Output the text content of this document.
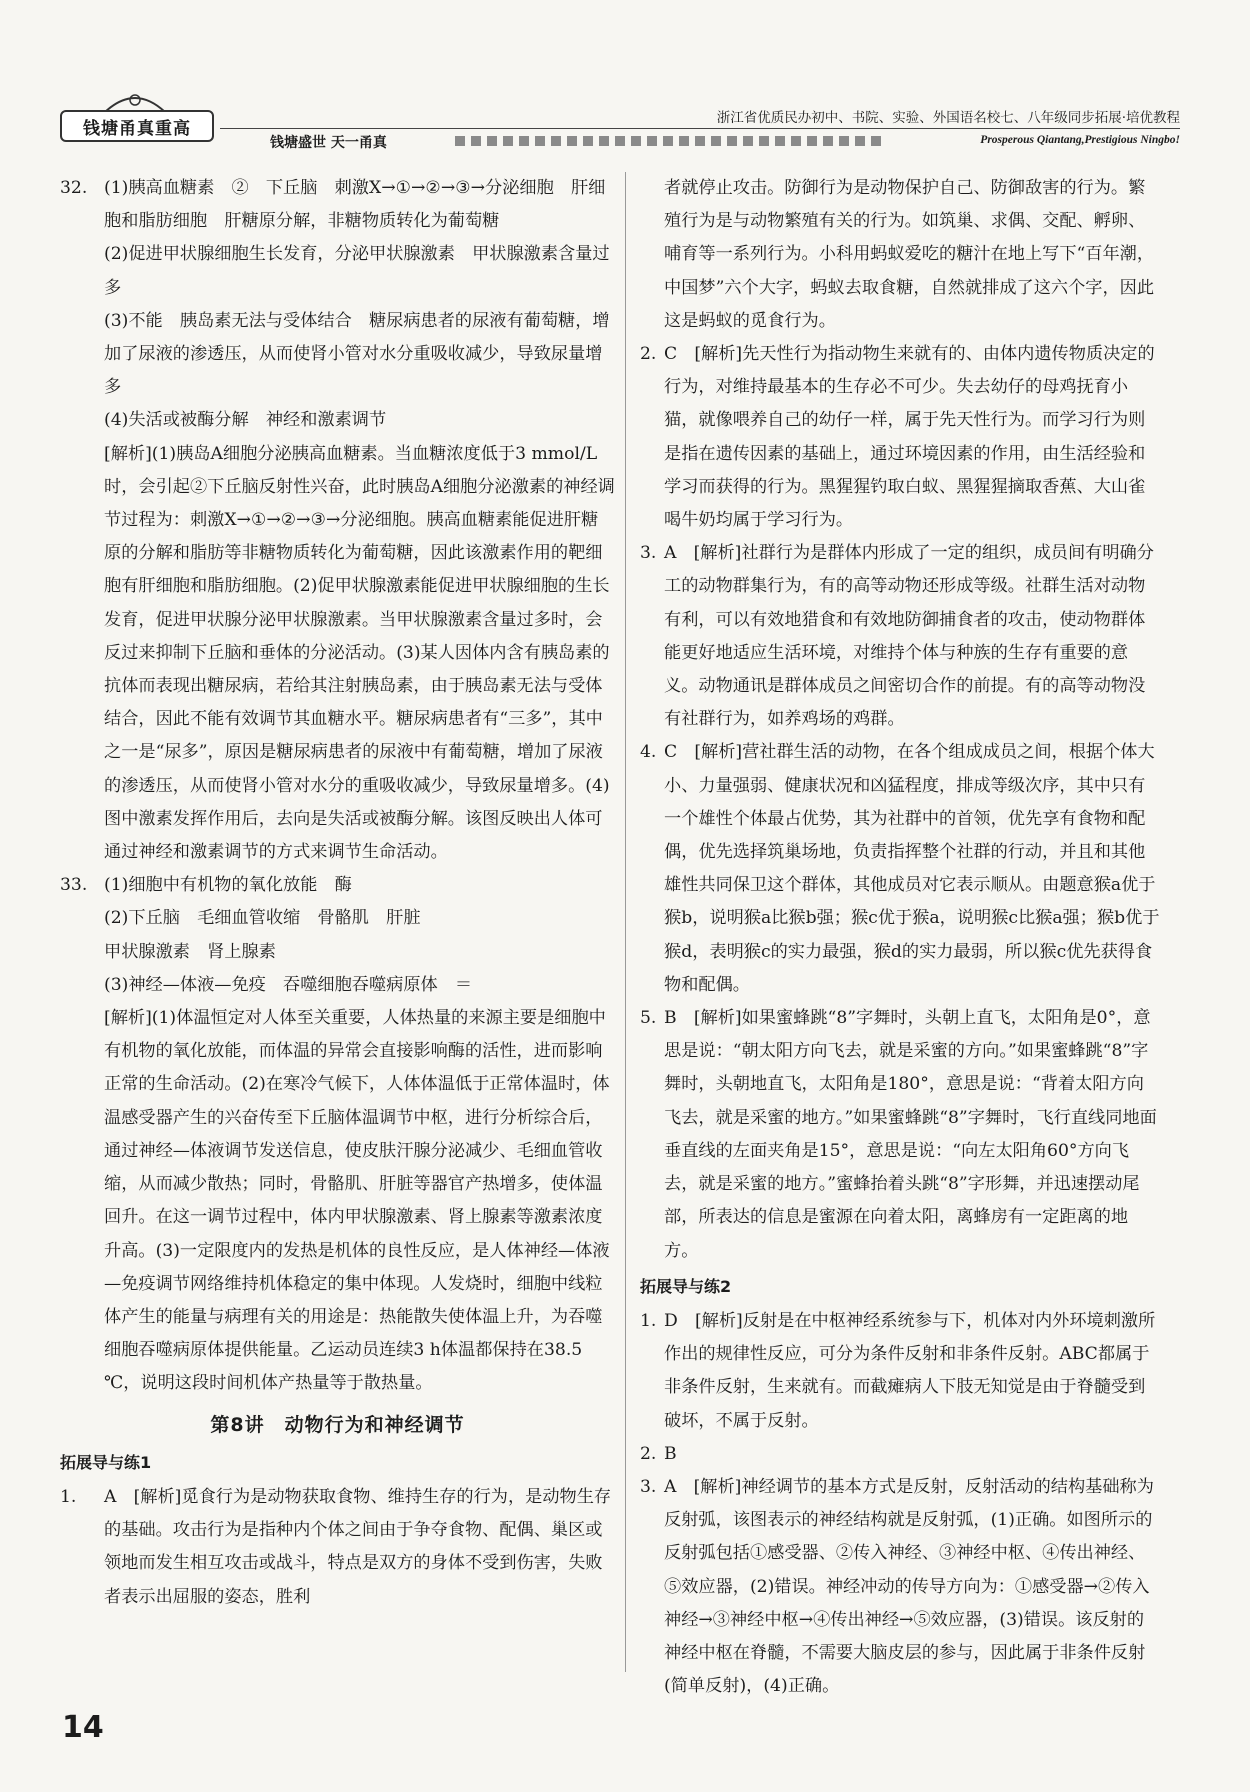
钱塘甬真重高
浙江省优质民办初中、书院、实验、外国语名校七、八年级同步拓展·培优教程
钱塘盛世 天一甬真	Prosperous Qiantang,Prestigious Ningbo!
32. (1)胰高血糖素　②　下丘脑　刺激X→①→②→③→分泌细胞　肝细胞和脂肪细胞　肝糖原分解，非糖物质转化为葡萄糖

(2)促进甲状腺细胞生长发育，分泌甲状腺激素　甲状腺激素含量过多

(3)不能　胰岛素无法与受体结合　糖尿病患者的尿液有葡萄糖，增加了尿液的渗透压，从而使肾小管对水分重吸收减少，导致尿量增多

(4)失活或被酶分解　神经和激素调节

[解析](1)胰岛A细胞分泌胰高血糖素。当血糖浓度低于3 mmol/L时，会引起②下丘脑反射性兴奋，此时胰岛A细胞分泌激素的神经调节过程为：刺激X→①→②→③→分泌细胞。胰高血糖素能促进肝糖原的分解和脂肪等非糖物质转化为葡萄糖，因此该激素作用的靶细胞有肝细胞和脂肪细胞。(2)促甲状腺激素能促进甲状腺细胞的生长发育，促进甲状腺分泌甲状腺激素。当甲状腺激素含量过多时，会反过来抑制下丘脑和垂体的分泌活动。(3)某人因体内含有胰岛素的抗体而表现出糖尿病，若给其注射胰岛素，由于胰岛素无法与受体结合，因此不能有效调节其血糖水平。糖尿病患者有“三多”，其中之一是“尿多”，原因是糖尿病患者的尿液中有葡萄糖，增加了尿液的渗透压，从而使肾小管对水分的重吸收减少，导致尿量增多。(4)图中激素发挥作用后，去向是失活或被酶分解。该图反映出人体可通过神经和激素调节的方式来调节生命活动。

33. (1)细胞中有机物的氧化放能　酶

(2)下丘脑　毛细血管收缩　骨骼肌　肝脏

甲状腺激素　肾上腺素

(3)神经—体液—免疫　吞噬细胞吞噬病原体　＝

[解析](1)体温恒定对人体至关重要，人体热量的来源主要是细胞中有机物的氧化放能，而体温的异常会直接影响酶的活性，进而影响正常的生命活动。(2)在寒冷气候下，人体体温低于正常体温时，体温感受器产生的兴奋传至下丘脑体温调节中枢，进行分析综合后，通过神经—体液调节发送信息，使皮肤汗腺分泌减少、毛细血管收缩，从而减少散热；同时，骨骼肌、肝脏等器官产热增多，使体温回升。在这一调节过程中，体内甲状腺激素、肾上腺素等激素浓度升高。(3)一定限度内的发热是机体的良性反应，是人体神经—体液—免疫调节网络维持机体稳定的集中体现。人发烧时，细胞中线粒体产生的能量与病理有关的用途是：热能散失使体温上升，为吞噬细胞吞噬病原体提供能量。乙运动员连续3 h体温都保持在38.5 ℃，说明这段时间机体产热量等于散热量。

第8讲　动物行为和神经调节
拓展导与练1
1. A　[解析]觅食行为是动物获取食物、维持生存的行为，是动物生存的基础。攻击行为是指种内个体之间由于争夺食物、配偶、巢区或领地而发生相互攻击或战斗，特点是双方的身体不受到伤害，失败者表示出屈服的姿态，胜利

者就停止攻击。防御行为是动物保护自己、防御敌害的行为。繁殖行为是与动物繁殖有关的行为。如筑巢、求偶、交配、孵卵、哺育等一系列行为。小科用蚂蚁爱吃的糖汁在地上写下“百年潮，中国梦”六个大字，蚂蚁去取食糖，自然就排成了这六个字，因此这是蚂蚁的觅食行为。

2. C　[解析]先天性行为指动物生来就有的、由体内遗传物质决定的行为，对维持最基本的生存必不可少。失去幼仔的母鸡抚育小猫，就像喂养自己的幼仔一样，属于先天性行为。而学习行为则是指在遗传因素的基础上，通过环境因素的作用，由生活经验和学习而获得的行为。黑猩猩钓取白蚁、黑猩猩摘取香蕉、大山雀喝牛奶均属于学习行为。

3. A　[解析]社群行为是群体内形成了一定的组织，成员间有明确分工的动物群集行为，有的高等动物还形成等级。社群生活对动物有利，可以有效地猎食和有效地防御捕食者的攻击，使动物群体能更好地适应生活环境，对维持个体与种族的生存有重要的意义。动物通讯是群体成员之间密切合作的前提。有的高等动物没有社群行为，如养鸡场的鸡群。

4. C　[解析]营社群生活的动物，在各个组成成员之间，根据个体大小、力量强弱、健康状况和凶猛程度，排成等级次序，其中只有一个雄性个体最占优势，其为社群中的首领，优先享有食物和配偶，优先选择筑巢场地，负责指挥整个社群的行动，并且和其他雄性共同保卫这个群体，其他成员对它表示顺从。由题意猴a优于猴b，说明猴a比猴b强；猴c优于猴a，说明猴c比猴a强；猴b优于猴d，表明猴c的实力最强，猴d的实力最弱，所以猴c优先获得食物和配偶。

5. B　[解析]如果蜜蜂跳“8”字舞时，头朝上直飞，太阳角是0°，意思是说：“朝太阳方向飞去，就是采蜜的方向。”如果蜜蜂跳“8”字舞时，头朝地直飞，太阳角是180°，意思是说：“背着太阳方向飞去，就是采蜜的地方。”如果蜜蜂跳“8”字舞时，飞行直线同地面垂直线的左面夹角是15°，意思是说：“向左太阳角60°方向飞去，就是采蜜的地方。”蜜蜂抬着头跳“8”字形舞，并迅速摆动尾部，所表达的信息是蜜源在向着太阳，离蜂房有一定距离的地方。

拓展导与练2
1. D　[解析]反射是在中枢神经系统参与下，机体对内外环境刺激所作出的规律性反应，可分为条件反射和非条件反射。ABC都属于非条件反射，生来就有。而截瘫病人下肢无知觉是由于脊髓受到破坏，不属于反射。

2. B

3. A　[解析]神经调节的基本方式是反射，反射活动的结构基础称为反射弧，该图表示的神经结构就是反射弧，(1)正确。如图所示的反射弧包括①感受器、②传入神经、③神经中枢、④传出神经、⑤效应器，(2)错误。神经冲动的传导方向为：①感受器→②传入神经→③神经中枢→④传出神经→⑤效应器，(3)错误。该反射的神经中枢在脊髓，不需要大脑皮层的参与，因此属于非条件反射(简单反射)，(4)正确。

14
